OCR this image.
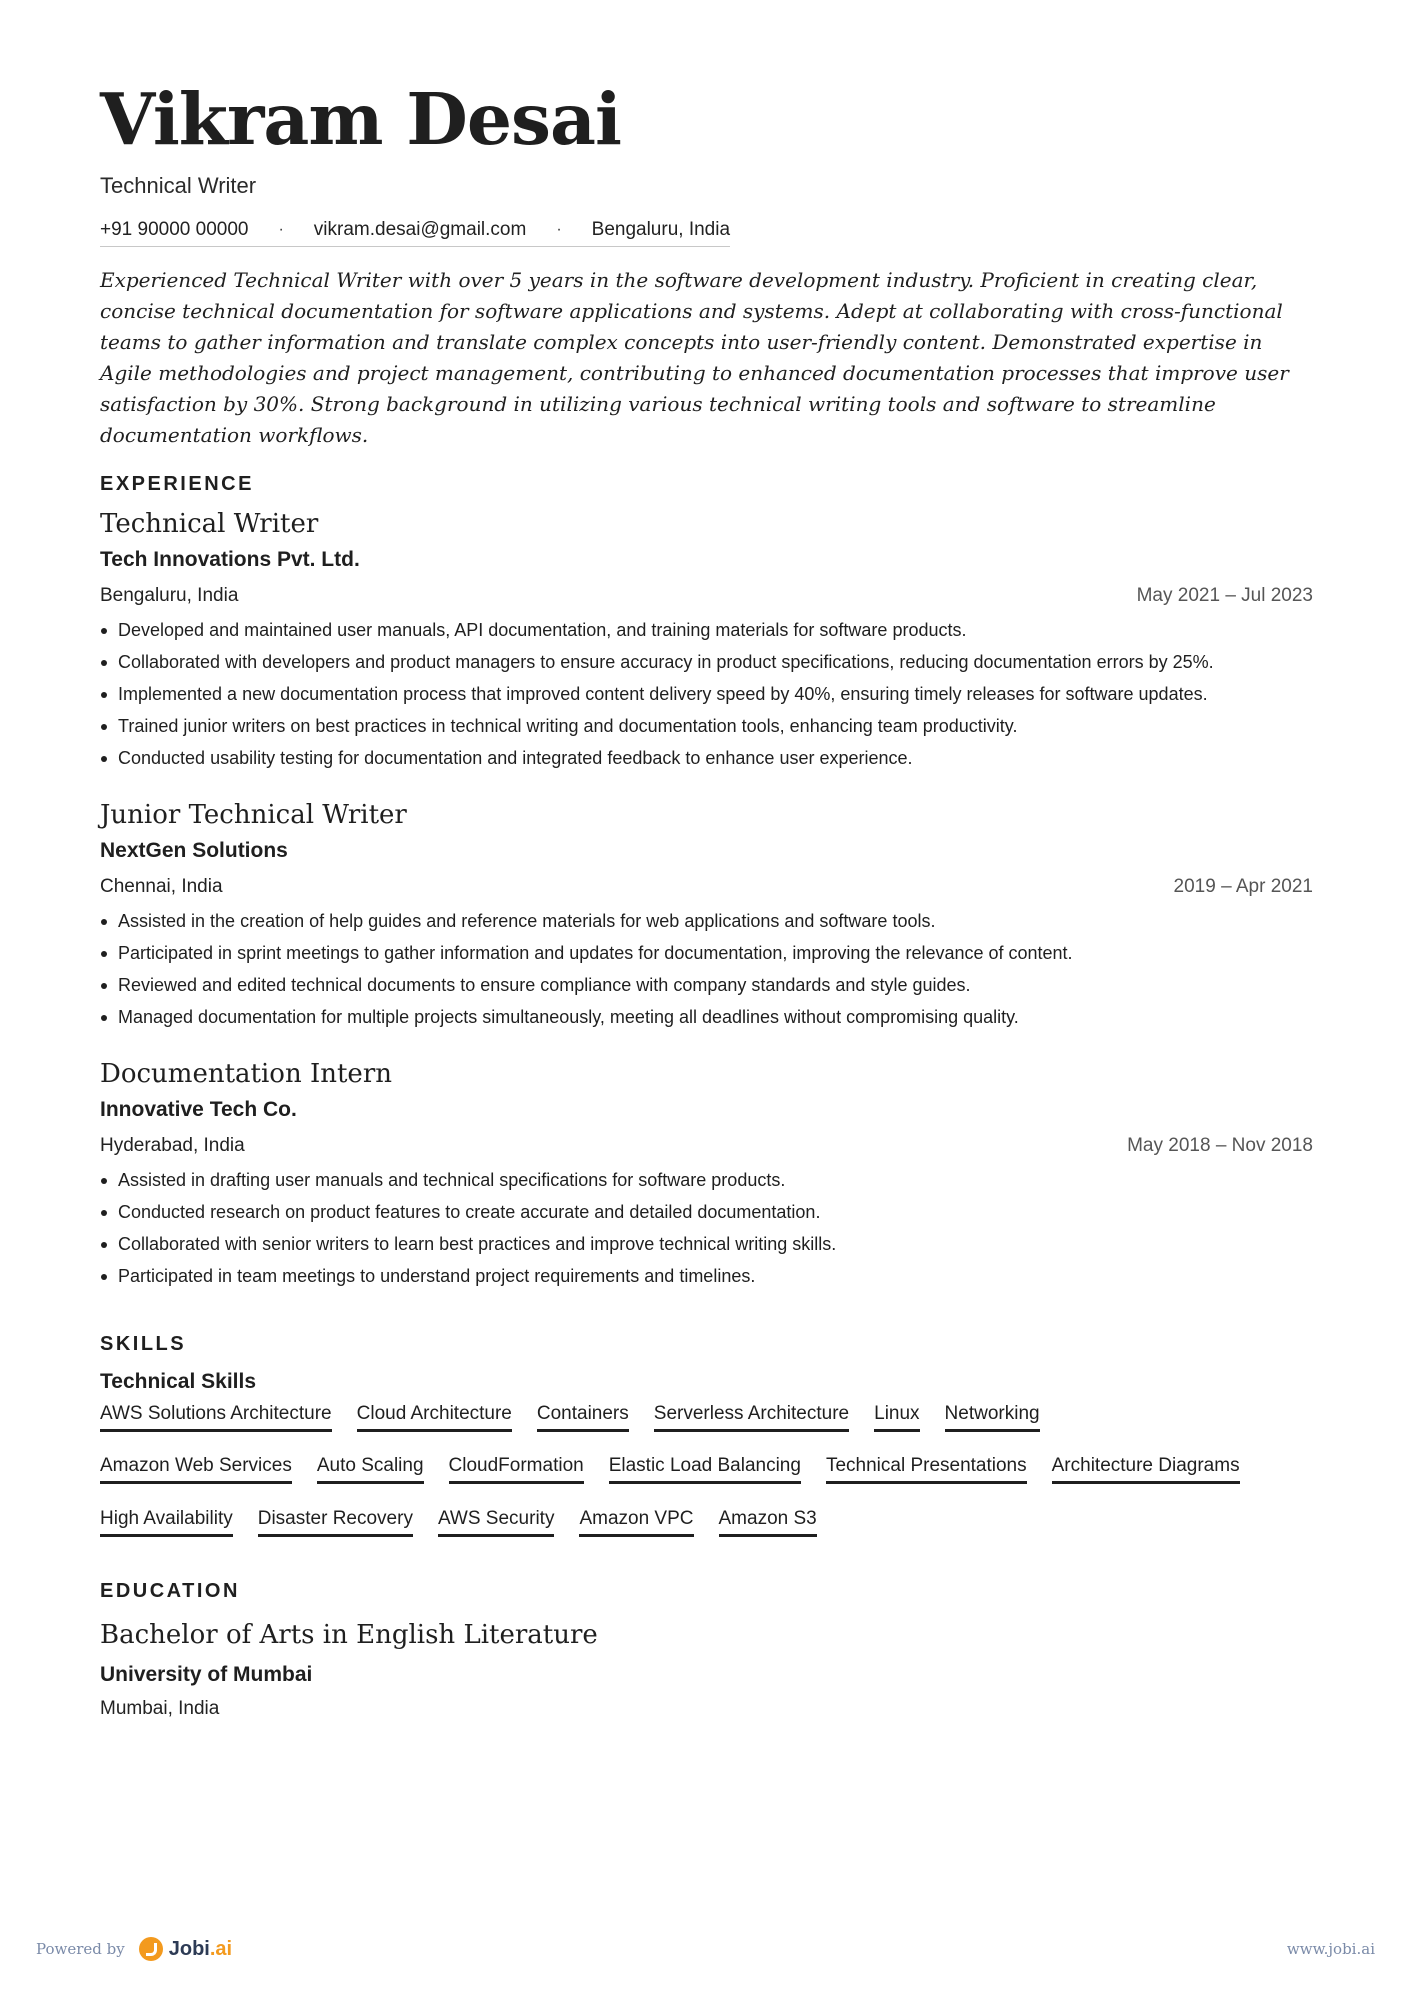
Vikram Desai
Technical Writer
+91 90000 00000 · vikram.desai@gmail.com · Bengaluru, India

Experienced Technical Writer with over 5 years in the software development industry. Proficient in creating clear, concise technical documentation for software applications and systems. Adept at collaborating with cross-functional teams to gather information and translate complex concepts into user-friendly content. Demonstrated expertise in Agile methodologies and project management, contributing to enhanced documentation processes that improve user satisfaction by 30%. Strong background in utilizing various technical writing tools and software to streamline documentation workflows.

EXPERIENCE
Technical Writer
Tech Innovations Pvt. Ltd.
Bengaluru, India	May 2021 – Jul 2023
Developed and maintained user manuals, API documentation, and training materials for software products.
Collaborated with developers and product managers to ensure accuracy in product specifications, reducing documentation errors by 25%.
Implemented a new documentation process that improved content delivery speed by 40%, ensuring timely releases for software updates.
Trained junior writers on best practices in technical writing and documentation tools, enhancing team productivity.
Conducted usability testing for documentation and integrated feedback to enhance user experience.
Junior Technical Writer
NextGen Solutions
Chennai, India	2019 – Apr 2021
Assisted in the creation of help guides and reference materials for web applications and software tools.
Participated in sprint meetings to gather information and updates for documentation, improving the relevance of content.
Reviewed and edited technical documents to ensure compliance with company standards and style guides.
Managed documentation for multiple projects simultaneously, meeting all deadlines without compromising quality.
Documentation Intern
Innovative Tech Co.
Hyderabad, India	May 2018 – Nov 2018
Assisted in drafting user manuals and technical specifications for software products.
Conducted research on product features to create accurate and detailed documentation.
Collaborated with senior writers to learn best practices and improve technical writing skills.
Participated in team meetings to understand project requirements and timelines.
SKILLS
Technical Skills
AWS Solutions Architecture Cloud Architecture Containers Serverless Architecture Linux Networking
Amazon Web Services Auto Scaling CloudFormation Elastic Load Balancing Technical Presentations Architecture Diagrams
High Availability Disaster Recovery AWS Security Amazon VPC Amazon S3
EDUCATION
Bachelor of Arts in English Literature
University of Mumbai
Mumbai, India
Powered by Jobi.ai	www.jobi.ai
